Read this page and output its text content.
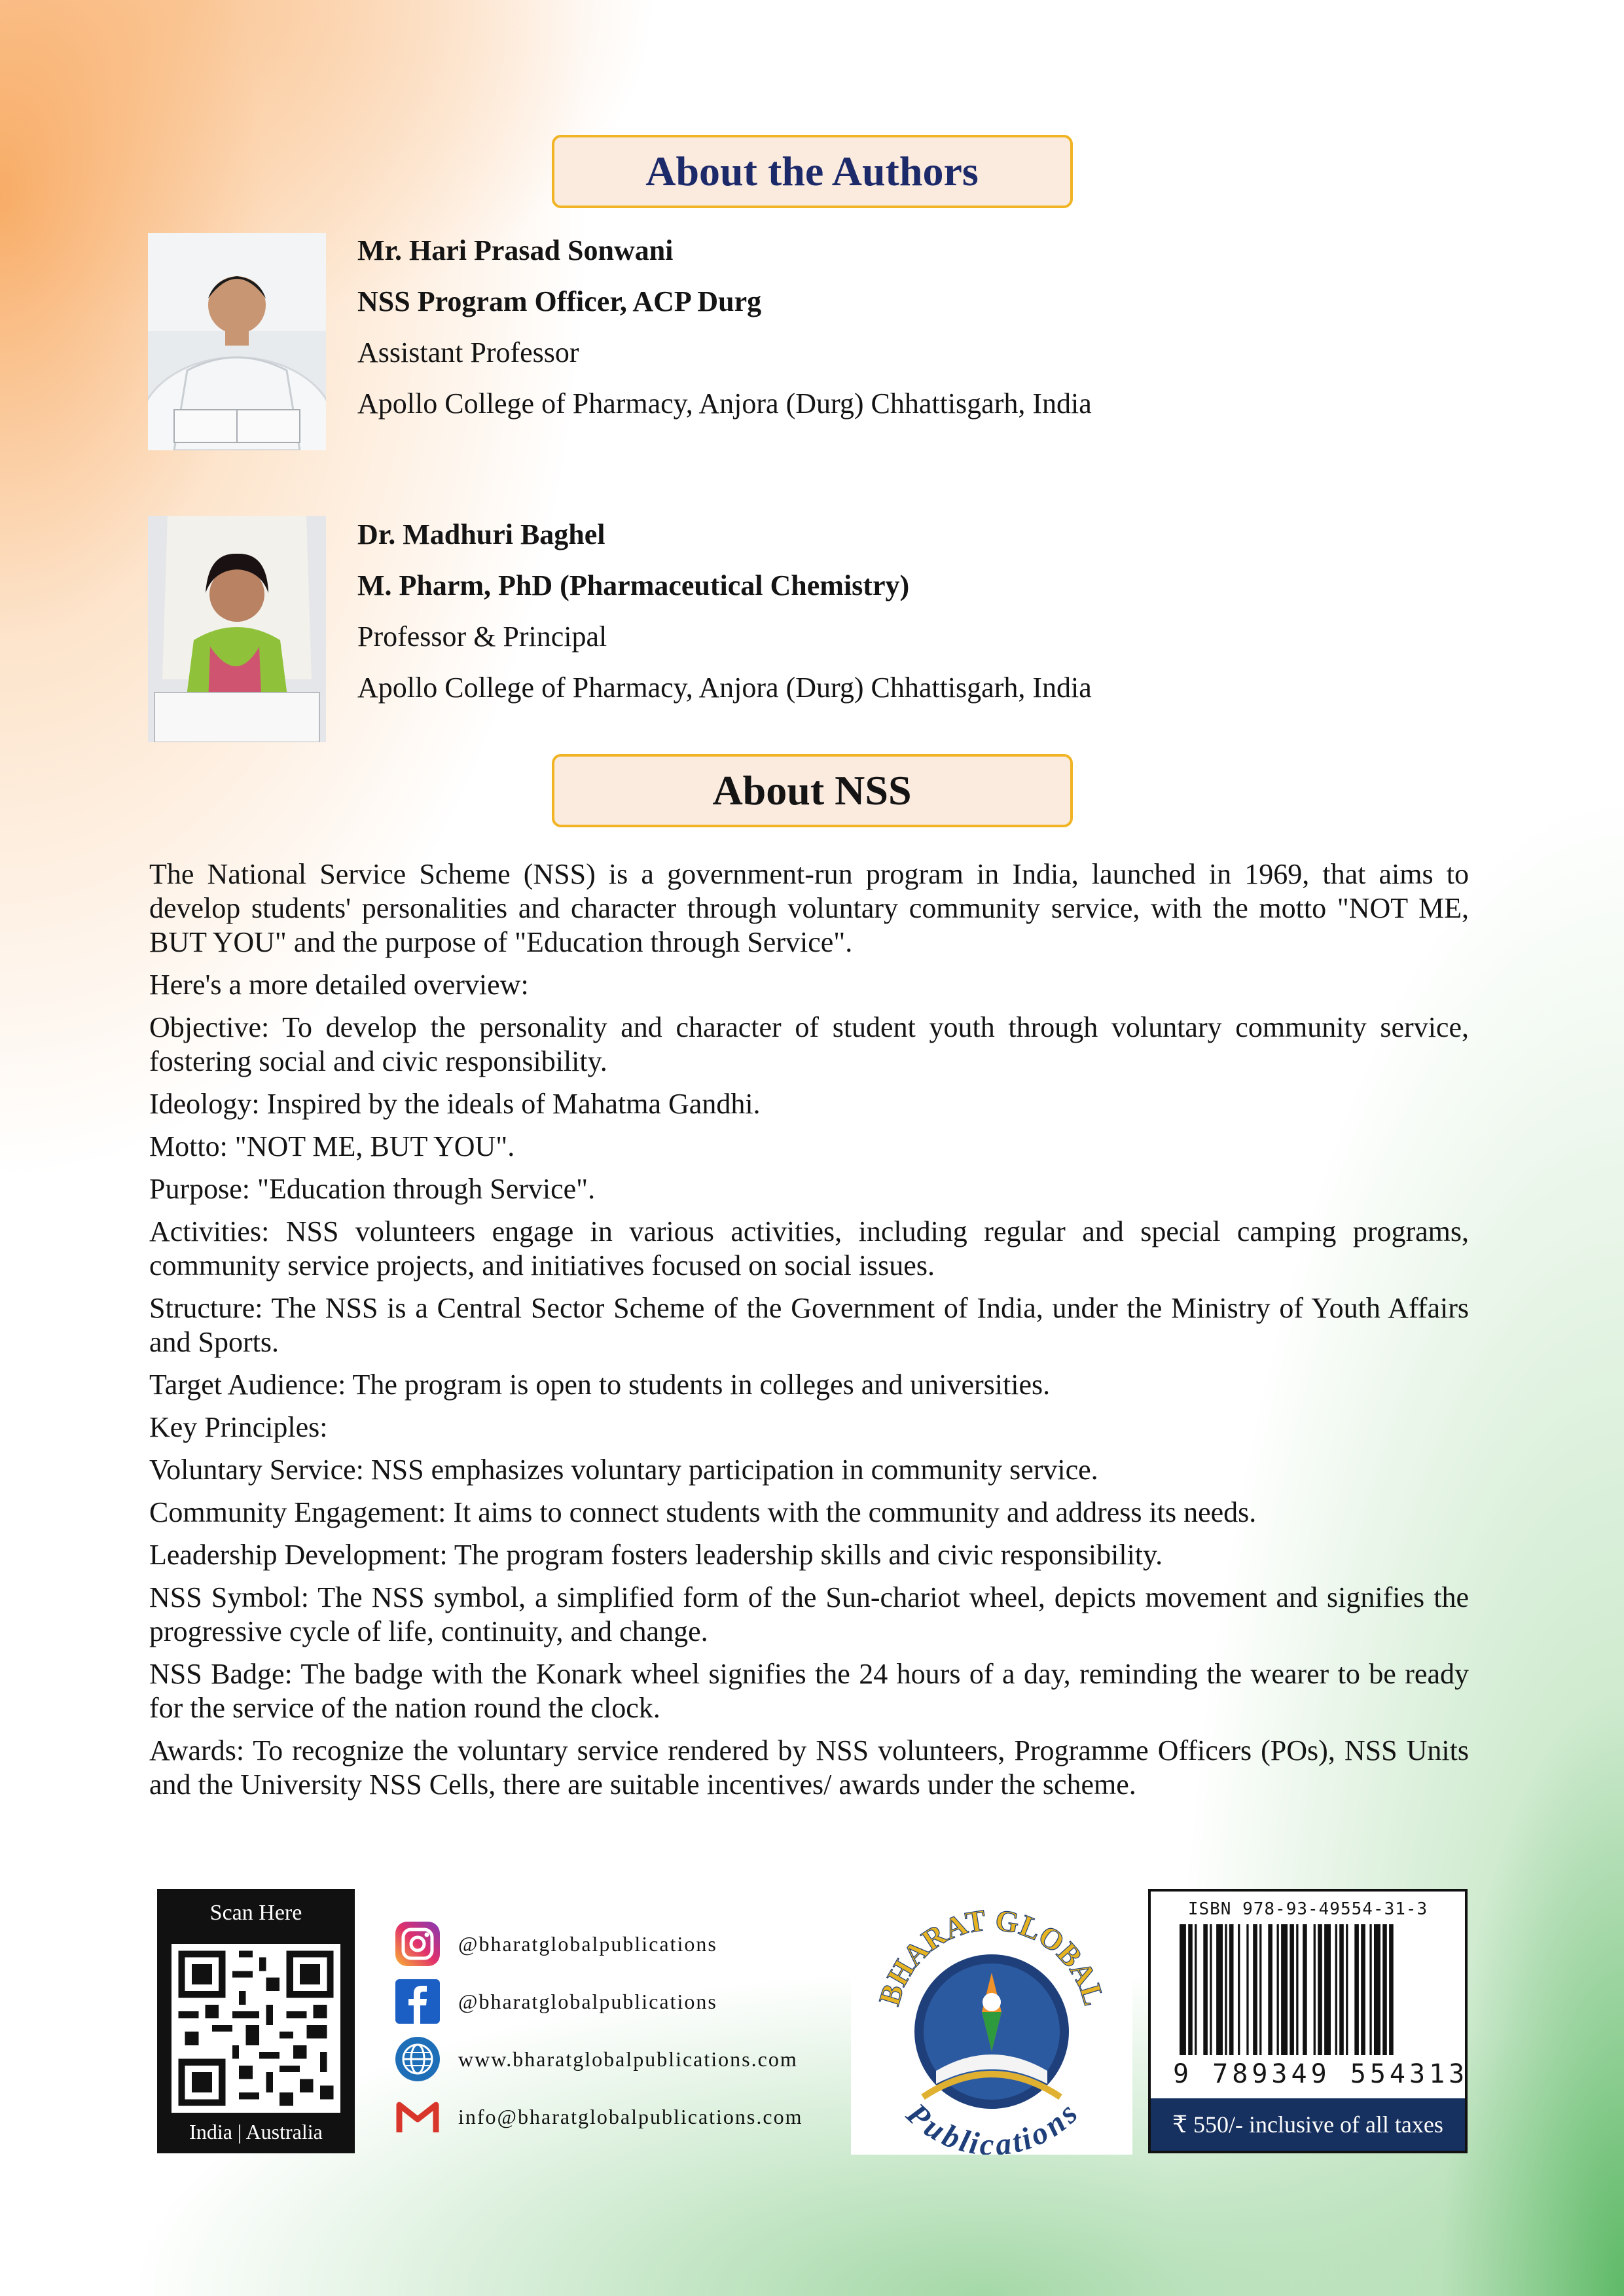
About the Authors
Mr. Hari Prasad Sonwani
NSS Program Officer, ACP Durg
Assistant Professor
Apollo College of Pharmacy, Anjora (Durg) Chhattisgarh, India
Dr. Madhuri Baghel
M. Pharm, PhD (Pharmaceutical Chemistry)
Professor & Principal
Apollo College of Pharmacy, Anjora (Durg) Chhattisgarh, India
About NSS

The National Service Scheme (NSS) is a government-run program in India, launched in 1969, that aims to develop students' personalities and character through voluntary community service, with the motto "NOT ME, BUT YOU" and the purpose of "Education through Service".

Here's a more detailed overview:

Objective: To develop the personality and character of student youth through voluntary community service, fostering social and civic responsibility.

Ideology: Inspired by the ideals of Mahatma Gandhi.

Motto: "NOT ME, BUT YOU".

Purpose: "Education through Service".

Activities: NSS volunteers engage in various activities, including regular and special camping programs, community service projects, and initiatives focused on social issues.

Structure: The NSS is a Central Sector Scheme of the Government of India, under the Ministry of Youth Affairs and Sports.

Target Audience: The program is open to students in colleges and universities.

Key Principles:

Voluntary Service: NSS emphasizes voluntary participation in community service.

Community Engagement: It aims to connect students with the community and address its needs.

Leadership Development: The program fosters leadership skills and civic responsibility.

NSS Symbol: The NSS symbol, a simplified form of the Sun-chariot wheel, depicts movement and signifies the progressive cycle of life, continuity, and change.

NSS Badge: The badge with the Konark wheel signifies the 24 hours of a day, reminding the wearer to be ready for the service of the nation round the clock.

Awards: To recognize the voluntary service rendered by NSS volunteers, Programme Officers (POs), NSS Units and the University NSS Cells, there are suitable incentives/ awards under the scheme.

Scan Here
India | Australia
@bharatglobalpublications
@bharatglobalpublications
www.bharatglobalpublications.com
info@bharatglobalpublications.com
BHARAT GLOBAL
Publications
ISBN 978-93-49554-31-3
9 789349 554313
₹ 550/- inclusive of all taxes
